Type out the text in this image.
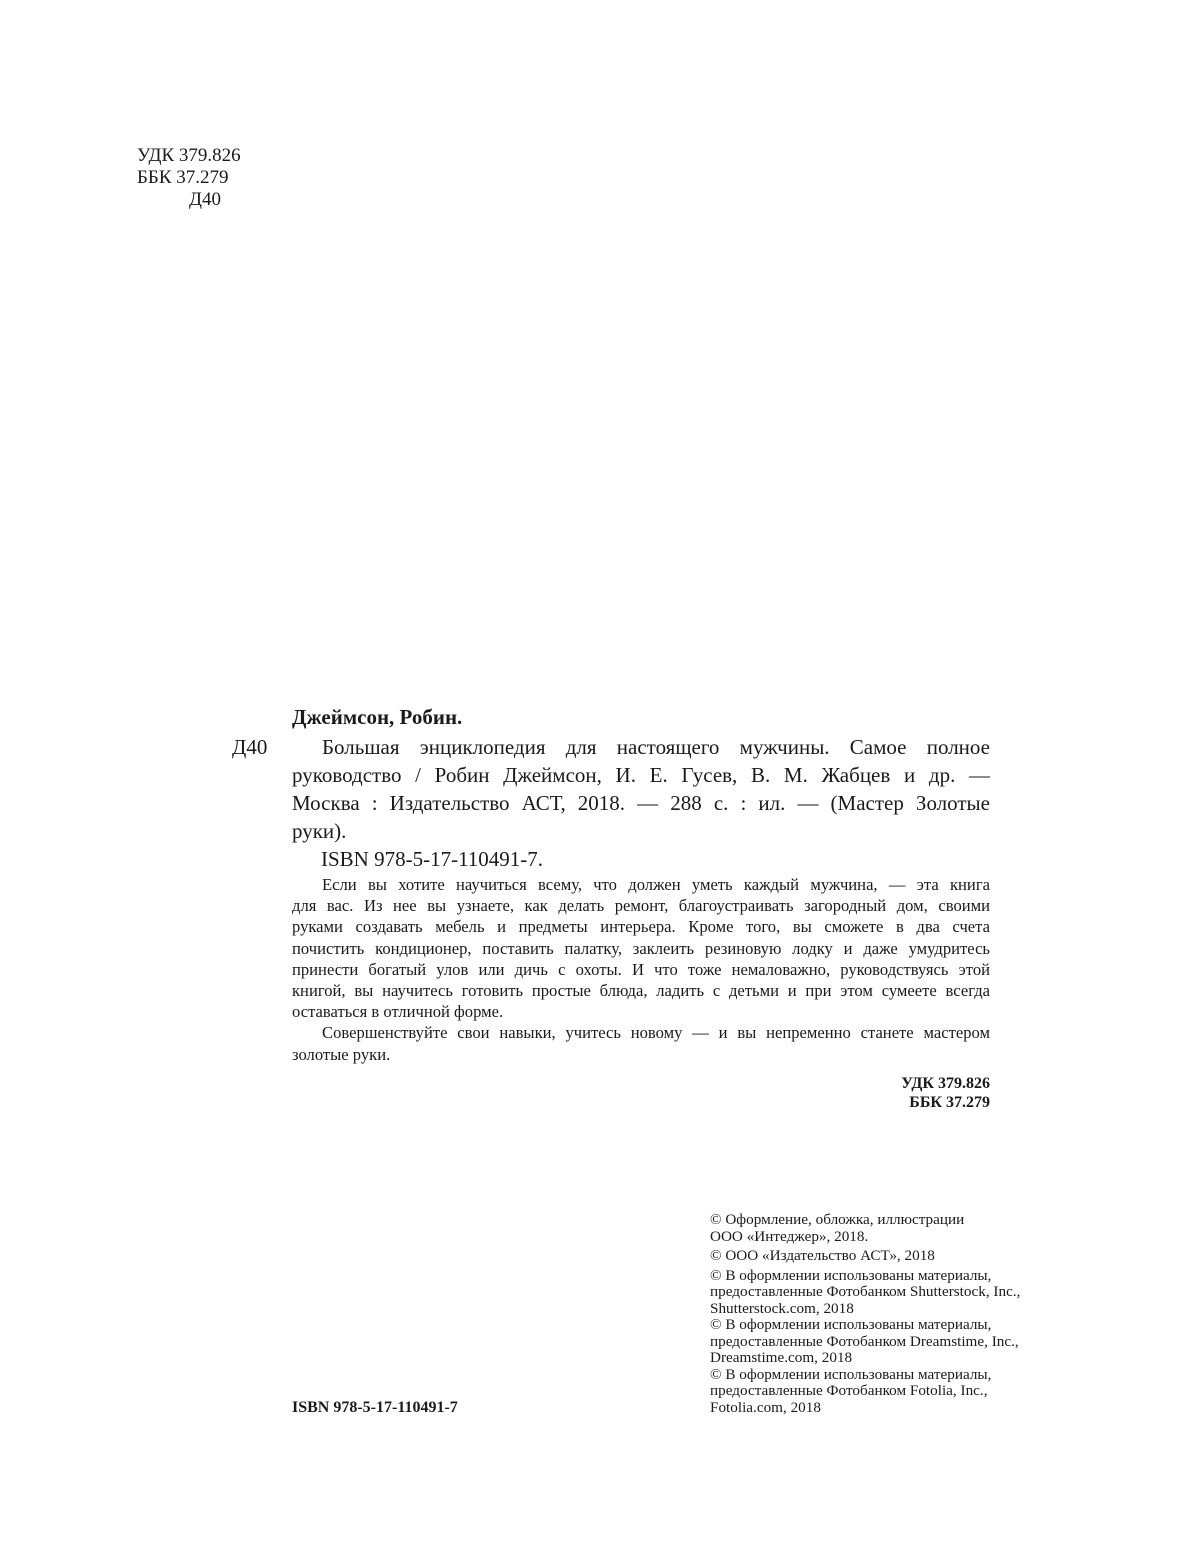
УДК 379.826
ББК 37.279
Д40
Джеймсон, Робин.
Д40	Большая энциклопедия для настоящего мужчины. Самое полное
руководство / Робин Джеймсон, И. Е. Гусев, В. М. Жабцев и др. —
Москва : Издательство АСТ, 2018. — 288 с. : ил. — (Мастер Золотые
руки).
ISBN 978-5-17-110491-7.
Если вы хотите научиться всему, что должен уметь каждый мужчина, — эта книга
для вас. Из нее вы узнаете, как делать ремонт, благоустраивать загородный дом, своими
руками создавать мебель и предметы интерьера. Кроме того, вы сможете в два счета
почистить кондиционер, поставить палатку, заклеить резиновую лодку и даже умудритесь
принести богатый улов или дичь с охоты. И что тоже немаловажно, руководствуясь этой
книгой, вы научитесь готовить простые блюда, ладить с детьми и при этом сумеете всегда
оставаться в отличной форме.
Совершенствуйте свои навыки, учитесь новому — и вы непременно станете мастером
золотые руки.
УДК 379.826
ББК 37.279
© Оформление, обложка, иллюстрации
ООО «Интеджер», 2018.
© ООО «Издательство АСТ», 2018
© В оформлении использованы материалы,
предоставленные Фотобанком Shutterstock, Inc.,
Shutterstock.com, 2018
© В оформлении использованы материалы,
предоставленные Фотобанком Dreamstime, Inc.,
Dreamstime.com, 2018
© В оформлении использованы материалы,
предоставленные Фотобанком Fotolia, Inc.,
Fotolia.com, 2018
ISBN 978-5-17-110491-7
